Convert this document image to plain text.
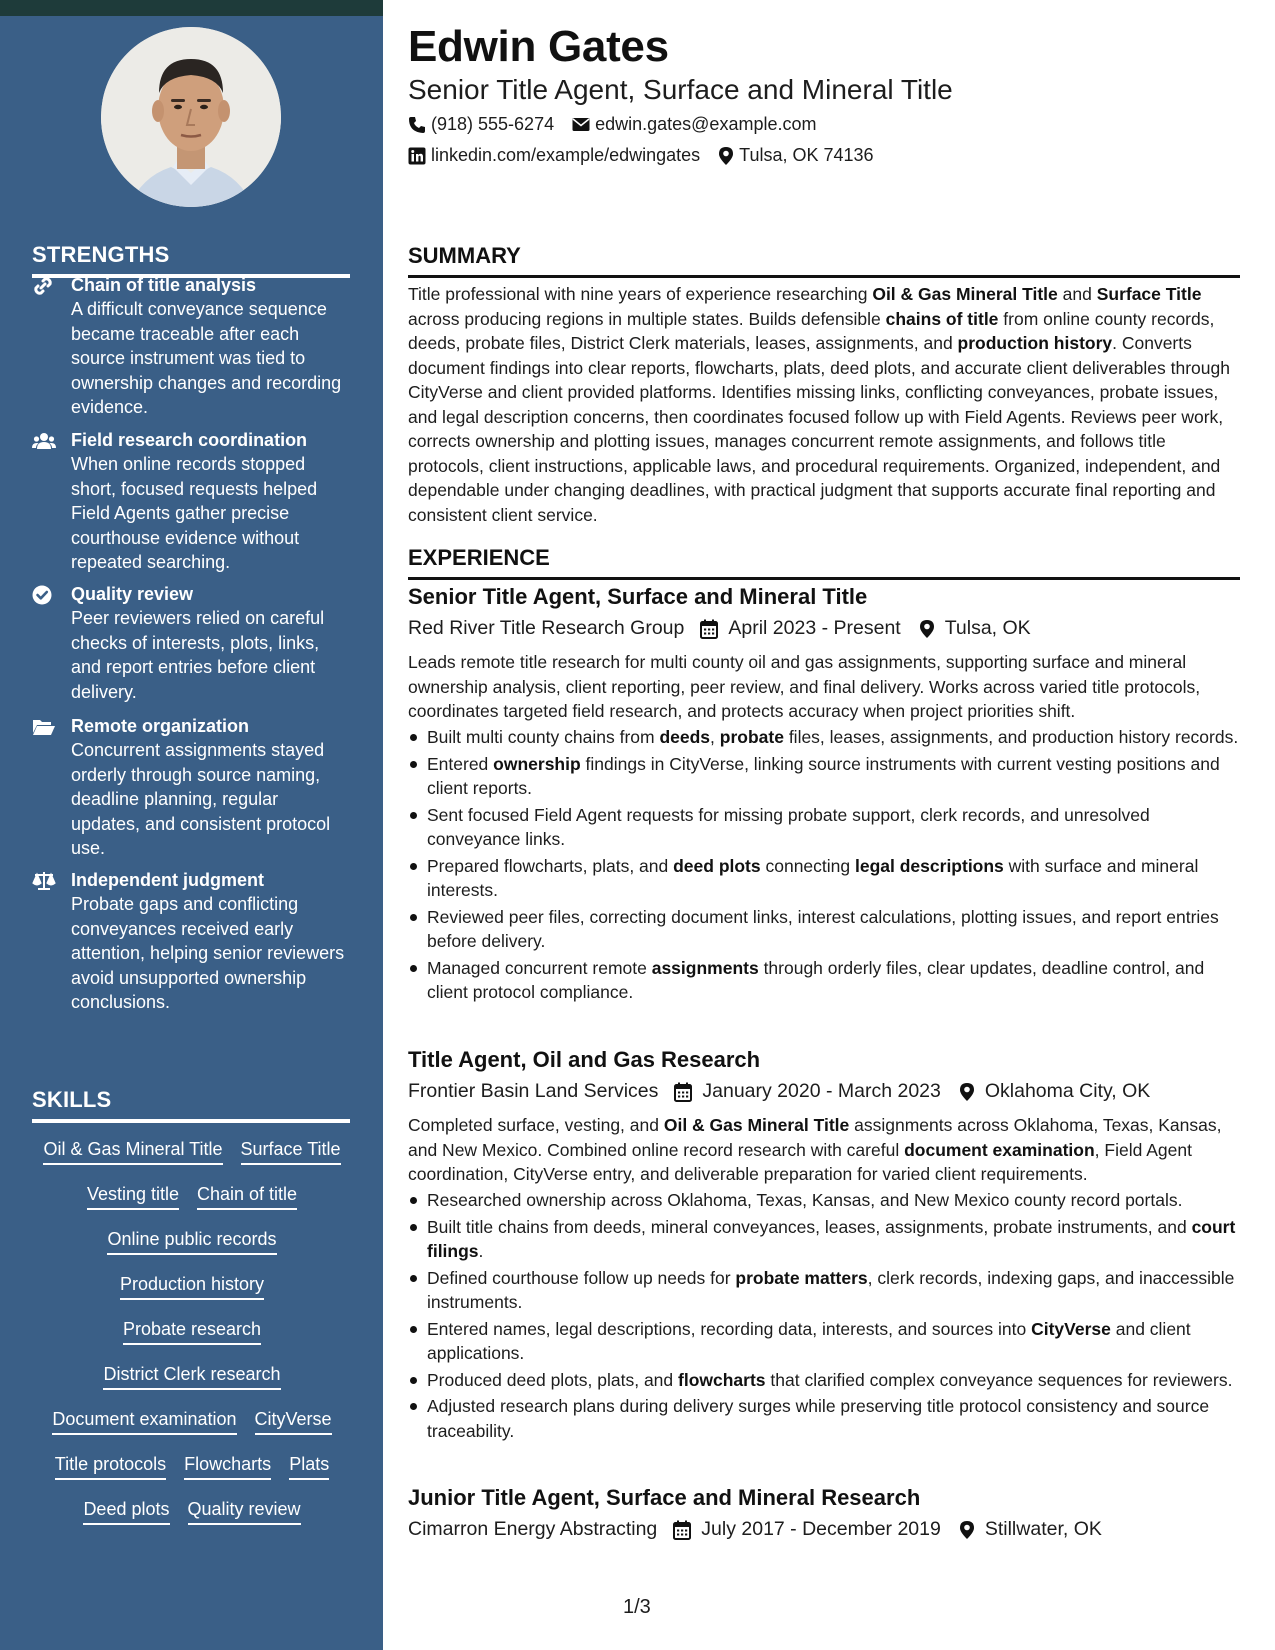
STRENGTHS
Chain of title analysis
A difficult conveyance sequence became traceable after each source instrument was tied to ownership changes and recording evidence.
Field research coordination
When online records stopped short, focused requests helped Field Agents gather precise courthouse evidence without repeated searching.
Quality review
Peer reviewers relied on careful checks of interests, plots, links, and report entries before client delivery.
Remote organization
Concurrent assignments stayed orderly through source naming, deadline planning, regular updates, and consistent protocol use.
Independent judgment
Probate gaps and conflicting conveyances received early attention, helping senior reviewers avoid unsupported ownership conclusions.
SKILLS
Oil & Gas Mineral Title Surface Title
Vesting title Chain of title
Online public records
Production history
Probate research
District Clerk research
Document examination CityVerse
Title protocols Flowcharts Plats
Deed plots Quality review
Edwin Gates
Senior Title Agent, Surface and Mineral Title
(918) 555-6274 edwin.gates@example.com
linkedin.com/example/edwingates Tulsa, OK 74136
SUMMARY
Title professional with nine years of experience researching Oil & Gas Mineral Title and Surface Title across producing regions in multiple states. Builds defensible chains of title from online county records, deeds, probate files, District Clerk materials, leases, assignments, and production history. Converts document findings into clear reports, flowcharts, plats, deed plots, and accurate client deliverables through CityVerse and client provided platforms. Identifies missing links, conflicting conveyances, probate issues, and legal description concerns, then coordinates focused follow up with Field Agents. Reviews peer work, corrects ownership and plotting issues, manages concurrent remote assignments, and follows title protocols, client instructions, applicable laws, and procedural requirements. Organized, independent, and dependable under changing deadlines, with practical judgment that supports accurate final reporting and consistent client service.
EXPERIENCE
Senior Title Agent, Surface and Mineral Title
Red River Title Research Group April 2023 - Present Tulsa, OK
Leads remote title research for multi county oil and gas assignments, supporting surface and mineral ownership analysis, client reporting, peer review, and final delivery. Works across varied title protocols, coordinates targeted field research, and protects accuracy when project priorities shift.
Built multi county chains from deeds, probate files, leases, assignments, and production history records.
Entered ownership findings in CityVerse, linking source instruments with current vesting positions and client reports.
Sent focused Field Agent requests for missing probate support, clerk records, and unresolved conveyance links.
Prepared flowcharts, plats, and deed plots connecting legal descriptions with surface and mineral interests.
Reviewed peer files, correcting document links, interest calculations, plotting issues, and report entries before delivery.
Managed concurrent remote assignments through orderly files, clear updates, deadline control, and client protocol compliance.
Title Agent, Oil and Gas Research
Frontier Basin Land Services January 2020 - March 2023 Oklahoma City, OK
Completed surface, vesting, and Oil & Gas Mineral Title assignments across Oklahoma, Texas, Kansas, and New Mexico. Combined online record research with careful document examination, Field Agent coordination, CityVerse entry, and deliverable preparation for varied client requirements.
Researched ownership across Oklahoma, Texas, Kansas, and New Mexico county record portals.
Built title chains from deeds, mineral conveyances, leases, assignments, probate instruments, and court filings.
Defined courthouse follow up needs for probate matters, clerk records, indexing gaps, and inaccessible instruments.
Entered names, legal descriptions, recording data, interests, and sources into CityVerse and client applications.
Produced deed plots, plats, and flowcharts that clarified complex conveyance sequences for reviewers.
Adjusted research plans during delivery surges while preserving title protocol consistency and source traceability.
Junior Title Agent, Surface and Mineral Research
Cimarron Energy Abstracting July 2017 - December 2019 Stillwater, OK
1/3
